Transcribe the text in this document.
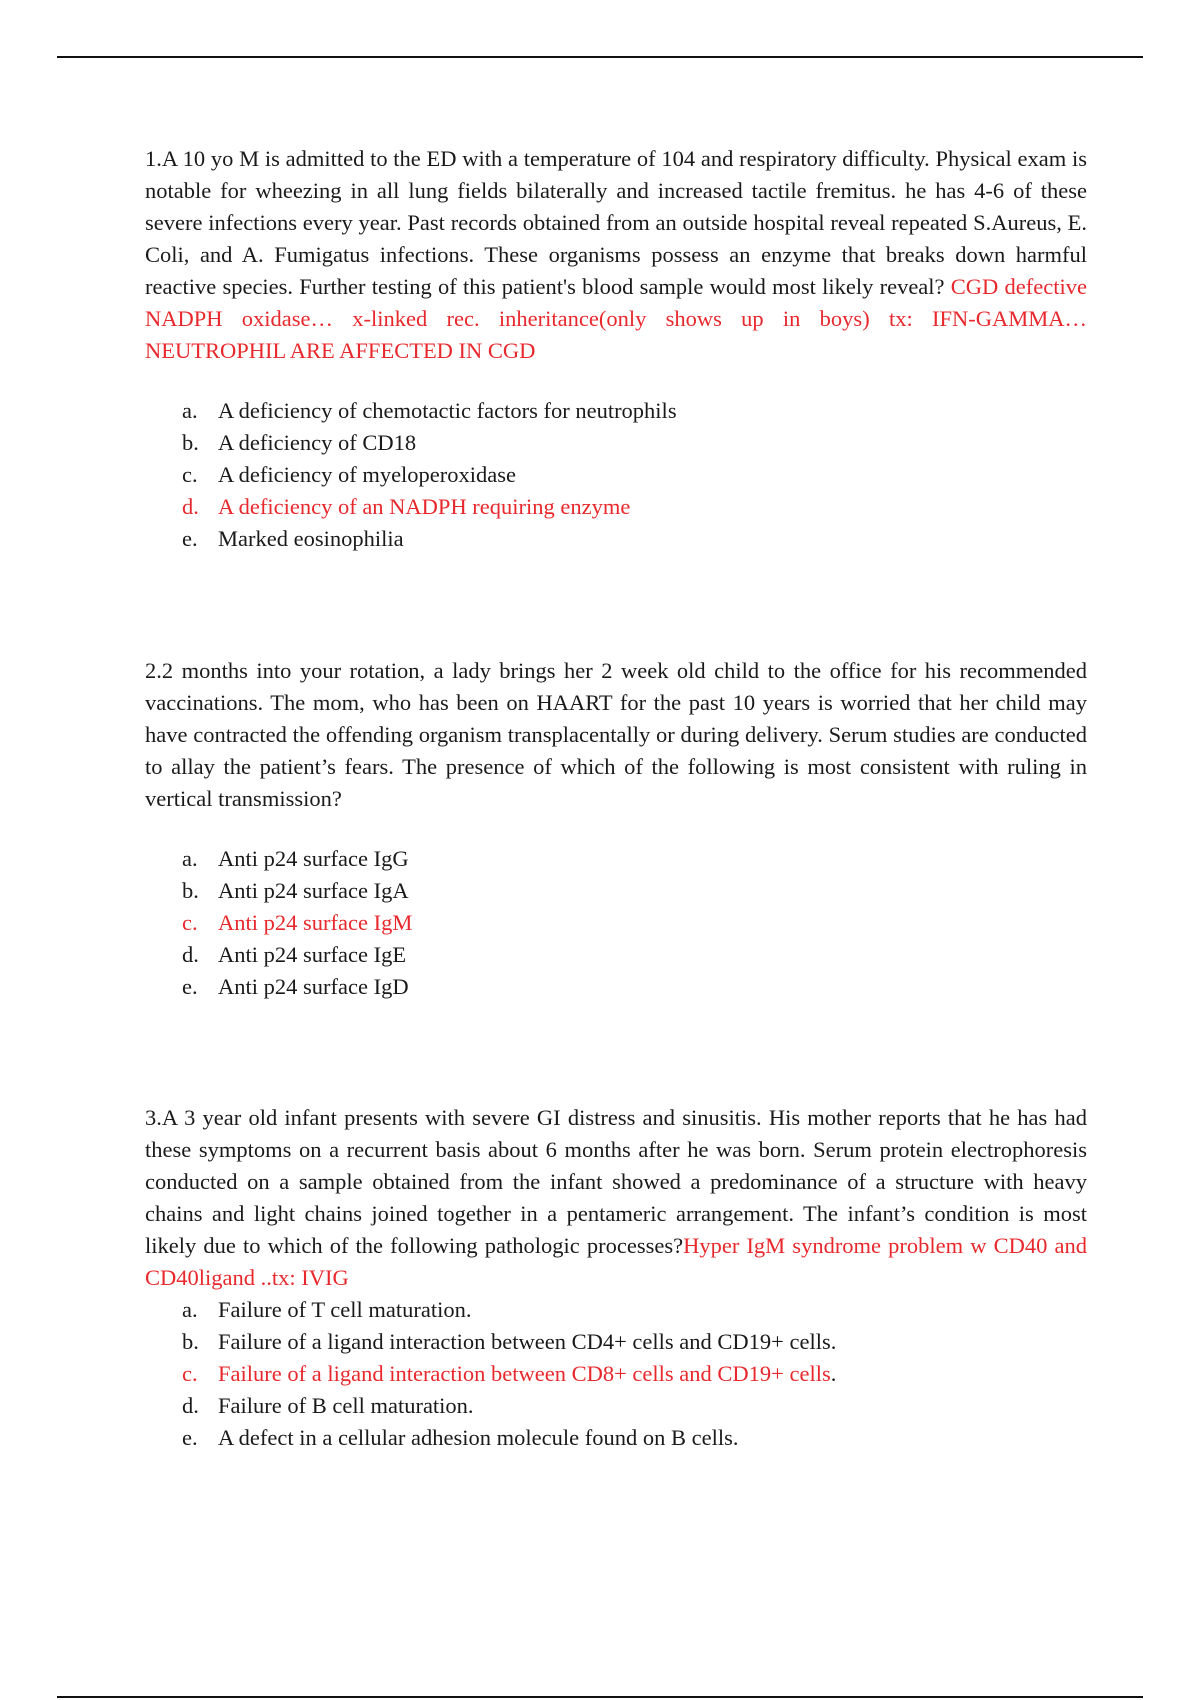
1.A 10 yo M is admitted to the ED with a temperature of 104 and respiratory difficulty. Physical exam is notable for wheezing in all lung fields bilaterally and increased tactile fremitus. he has 4-6 of these severe infections every year. Past records obtained from an outside hospital reveal repeated S.Aureus, E. Coli, and A. Fumigatus infections. These organisms possess an enzyme that breaks down harmful reactive species. Further testing of this patient's blood sample would most likely reveal? CGD defective NADPH oxidase… x-linked rec. inheritance(only shows up in boys) tx: IFN-GAMMA… NEUTROPHIL ARE AFFECTED IN CGD

a. A deficiency of chemotactic factors for neutrophils
b. A deficiency of CD18
c. A deficiency of myeloperoxidase
d. A deficiency of an NADPH requiring enzyme
e. Marked eosinophilia

2.2 months into your rotation, a lady brings her 2 week old child to the office for his recommended vaccinations. The mom, who has been on HAART for the past 10 years is worried that her child may have contracted the offending organism transplacentally or during delivery. Serum studies are conducted to allay the patient’s fears. The presence of which of the following is most consistent with ruling in vertical transmission?

a. Anti p24 surface IgG
b. Anti p24 surface IgA
c. Anti p24 surface IgM
d. Anti p24 surface IgE
e. Anti p24 surface IgD

3.A 3 year old infant presents with severe GI distress and sinusitis. His mother reports that he has had these symptoms on a recurrent basis about 6 months after he was born. Serum protein electrophoresis conducted on a sample obtained from the infant showed a predominance of a structure with heavy chains and light chains joined together in a pentameric arrangement. The infant’s condition is most likely due to which of the following pathologic processes?Hyper IgM syndrome problem w CD40 and CD40ligand ..tx: IVIG

a. Failure of T cell maturation.
b. Failure of a ligand interaction between CD4+ cells and CD19+ cells.
c. Failure of a ligand interaction between CD8+ cells and CD19+ cells.
d. Failure of B cell maturation.
e. A defect in a cellular adhesion molecule found on B cells.
